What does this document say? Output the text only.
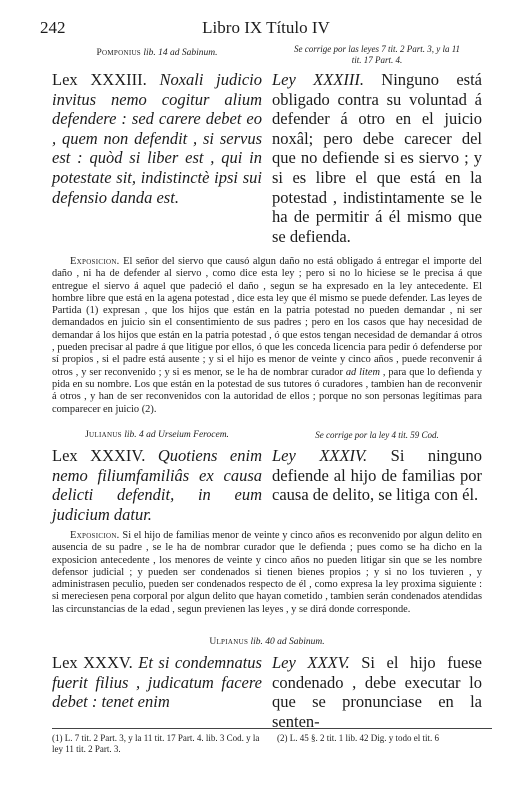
242	Libro IX Título IV
Pomponius lib. 14 ad Sabinum.	Se corrige por las leyes 7 tit. 2 Part. 3, y la 11
tit. 17 Part. 4.
Lex XXXIII. Noxali judicio invitus nemo cogitur alium defendere : sed carere debet eo , quem non defendit , si servus est : quòd si liber est , qui in potestate sit, indistinctè ipsi sui defensio danda est.
Ley XXXIII. Ninguno está obligado contra su voluntad á defender á otro en el juicio noxâl; pero debe carecer del que no defiende si es siervo ; y si es libre el que está en la potestad , indistintamente se le ha de permitir á él mismo que se defienda.
Exposicion. El señor del siervo que causó algun daño no está obligado á entregar el importe del daño , ni ha de defender al siervo , como dice esta ley ; pero si no lo hiciese se le precisa á que entregue el siervo á aquel que padeció el daño , segun se ha expresado en la ley antecedente. El hombre libre que está en la agena potestad , dice esta ley que él mismo se puede defender. Las leyes de Partida (1) expresan , que los hijos que están en la patria potestad no pueden demandar , ni ser demandados en juicio sin el consentimiento de sus padres ; pero en los casos que hay necesidad de demandar á los hijos que están en la patria potestad , ó que estos tengan necesidad de demandar á otros , pueden precisar al padre á que litigue por ellos, ó que les conceda licencia para pedir ó defenderse por sí propios , si el padre está ausente ; y si el hijo es menor de veinte y cinco años , puede reconvenir á otros , y ser reconvenido ; y si es menor, se le ha de nombrar curador ad litem , para que lo defienda y pida en su nombre. Los que están en la potestad de sus tutores ó curadores , tambien han de reconvenir á otros , y han de ser reconvenidos con la autoridad de ellos ; porque no son personas legítimas para comparecer en juicio (2).
Julianus lib. 4 ad Urseium Ferocem.	Se corrige por la ley 4 tit. 59 Cod.
Lex XXXIV. Quotiens enim nemo filiumfamiliâs ex causa delicti defendit, in eum judicium datur.
Ley XXXIV. Si ninguno defiende al hijo de familias por causa de delito, se litiga con él.
Exposicion. Si el hijo de familias menor de veinte y cinco años es reconvenido por algun delito en ausencia de su padre , se le ha de nombrar curador que le defienda ; pues como se ha dicho en la exposicion antecedente , los menores de veinte y cinco años no pueden litigar sin que se les nombre defensor judicial ; y pueden ser condenados si tienen bienes propios ; y si no los tuvieren , y administrasen peculio, pueden ser condenados respecto de él , como expresa la ley proxima siguiente : si mereciesen pena corporal por algun delito que hayan cometido , tambien serán condenados atendidas las circunstancias de la edad , segun previenen las leyes , y se dirá donde corresponde.
Ulpianus lib. 40 ad Sabinum.
Lex XXXV. Et si condemnatus fuerit filius , judicatum facere debet : tenet enim
Ley XXXV. Si el hijo fuese condenado , debe executar lo que se pronunciase en la senten-
(1) L. 7 tit. 2 Part. 3, y la 11 tit. 17 Part. 4. lib. 3 Cod. y la ley 11 tit. 2 Part. 3.
(2) L. 45 §. 2 tit. 1 lib. 42 Dig. y todo el tit. 6
